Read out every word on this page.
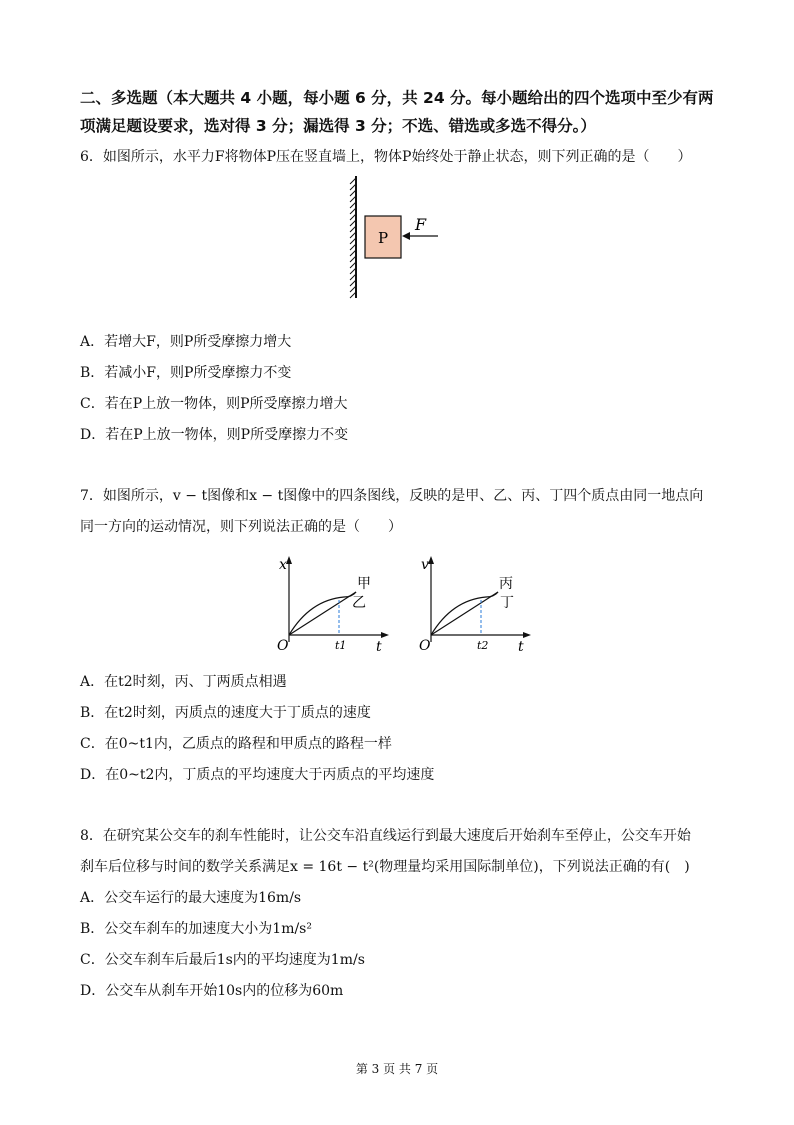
二、多选题（本大题共 4 小题，每小题 6 分，共 24 分。每小题给出的四个选项中至少有两
项满足题设要求，选对得 3 分；漏选得 3 分；不选、错选或多选不得分。）
6．如图所示，水平力F将物体P压在竖直墙上，物体P始终处于静止状态，则下列正确的是（　　）
P
F
A．若增大F，则P所受摩擦力增大
B．若减小F，则P所受摩擦力不变
C．若在P上放一物体，则P所受摩擦力增大
D．若在P上放一物体，则P所受摩擦力不变
7．如图所示，v − t图像和x − t图像中的四条图线，反映的是甲、乙、丙、丁四个质点由同一地点向
同一方向的运动情况，则下列说法正确的是（　　）
x
t
O	t1
甲
乙
v
t
O	t2
丙
丁
A．在t2时刻，丙、丁两质点相遇
B．在t2时刻，丙质点的速度大于丁质点的速度
C．在0~t1内，乙质点的路程和甲质点的路程一样
D．在0~t2内，丁质点的平均速度大于丙质点的平均速度
8．在研究某公交车的刹车性能时，让公交车沿直线运行到最大速度后开始刹车至停止，公交车开始
刹车后位移与时间的数学关系满足x = 16t − t²(物理量均采用国际制单位)，下列说法正确的有(　)
A．公交车运行的最大速度为16m/s
B．公交车刹车的加速度大小为1m/s²
C．公交车刹车后最后1s内的平均速度为1m/s
D．公交车从刹车开始10s内的位移为60m
第 3 页 共 7 页
